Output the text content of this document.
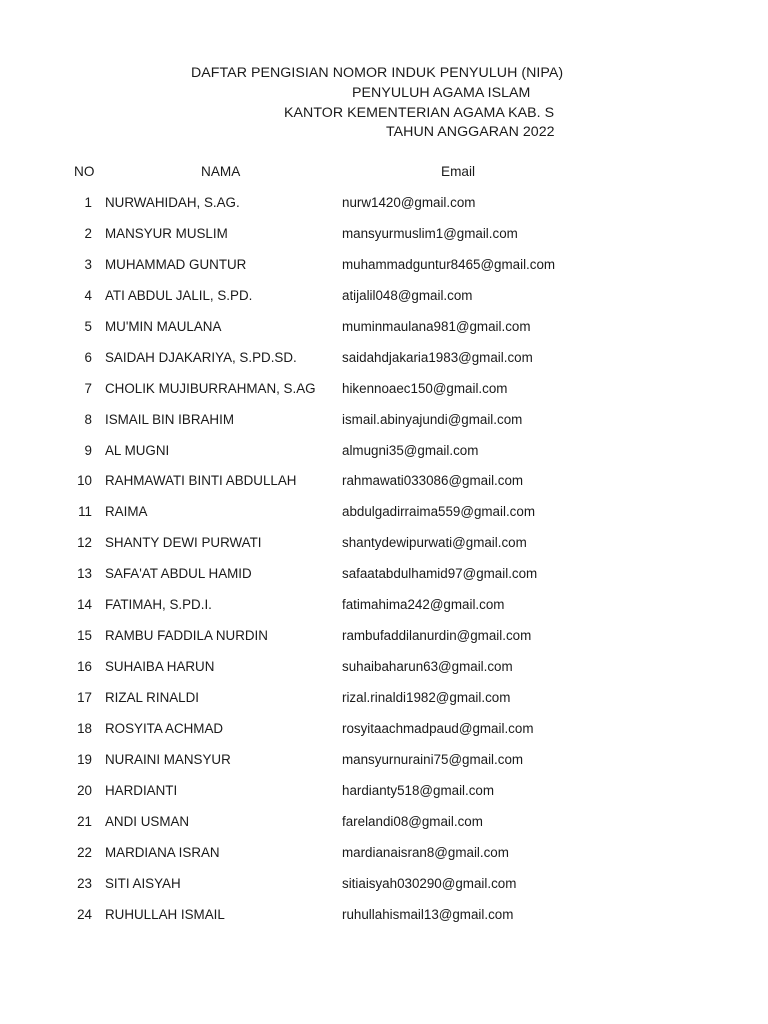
DAFTAR PENGISIAN NOMOR INDUK PENYULUH (NIPA)
PENYULUH AGAMA ISLAM
KANTOR KEMENTERIAN AGAMA KAB. S
TAHUN ANGGARAN 2022
NO	NAMA	Email
1 NURWAHIDAH, S.AG.	nurw1420@gmail.com
2 MANSYUR MUSLIM	mansyurmuslim1@gmail.com
3 MUHAMMAD GUNTUR	muhammadguntur8465@gmail.com
4 ATI ABDUL JALIL, S.PD.	atijalil048@gmail.com
5 MU'MIN MAULANA	muminmaulana981@gmail.com
6 SAIDAH DJAKARIYA, S.PD.SD.	saidahdjakaria1983@gmail.com
7 CHOLIK MUJIBURRAHMAN, S.AG	hikennoaec150@gmail.com
8 ISMAIL BIN IBRAHIM	ismail.abinyajundi@gmail.com
9 AL MUGNI	almugni35@gmail.com
10 RAHMAWATI BINTI ABDULLAH	rahmawati033086@gmail.com
11 RAIMA	abdulgadirraima559@gmail.com
12 SHANTY DEWI PURWATI	shantydewipurwati@gmail.com
13 SAFA'AT ABDUL HAMID	safaatabdulhamid97@gmail.com
14 FATIMAH, S.PD.I.	fatimahima242@gmail.com
15 RAMBU FADDILA NURDIN	rambufaddilanurdin@gmail.com
16 SUHAIBA HARUN	suhaibaharun63@gmail.com
17 RIZAL RINALDI	rizal.rinaldi1982@gmail.com
18 ROSYITA ACHMAD	rosyitaachmadpaud@gmail.com
19 NURAINI MANSYUR	mansyurnuraini75@gmail.com
20 HARDIANTI	hardianty518@gmail.com
21 ANDI USMAN	farelandi08@gmail.com
22 MARDIANA ISRAN	mardianaisran8@gmail.com
23 SITI AISYAH	sitiaisyah030290@gmail.com
24 RUHULLAH ISMAIL	ruhullahismail13@gmail.com
